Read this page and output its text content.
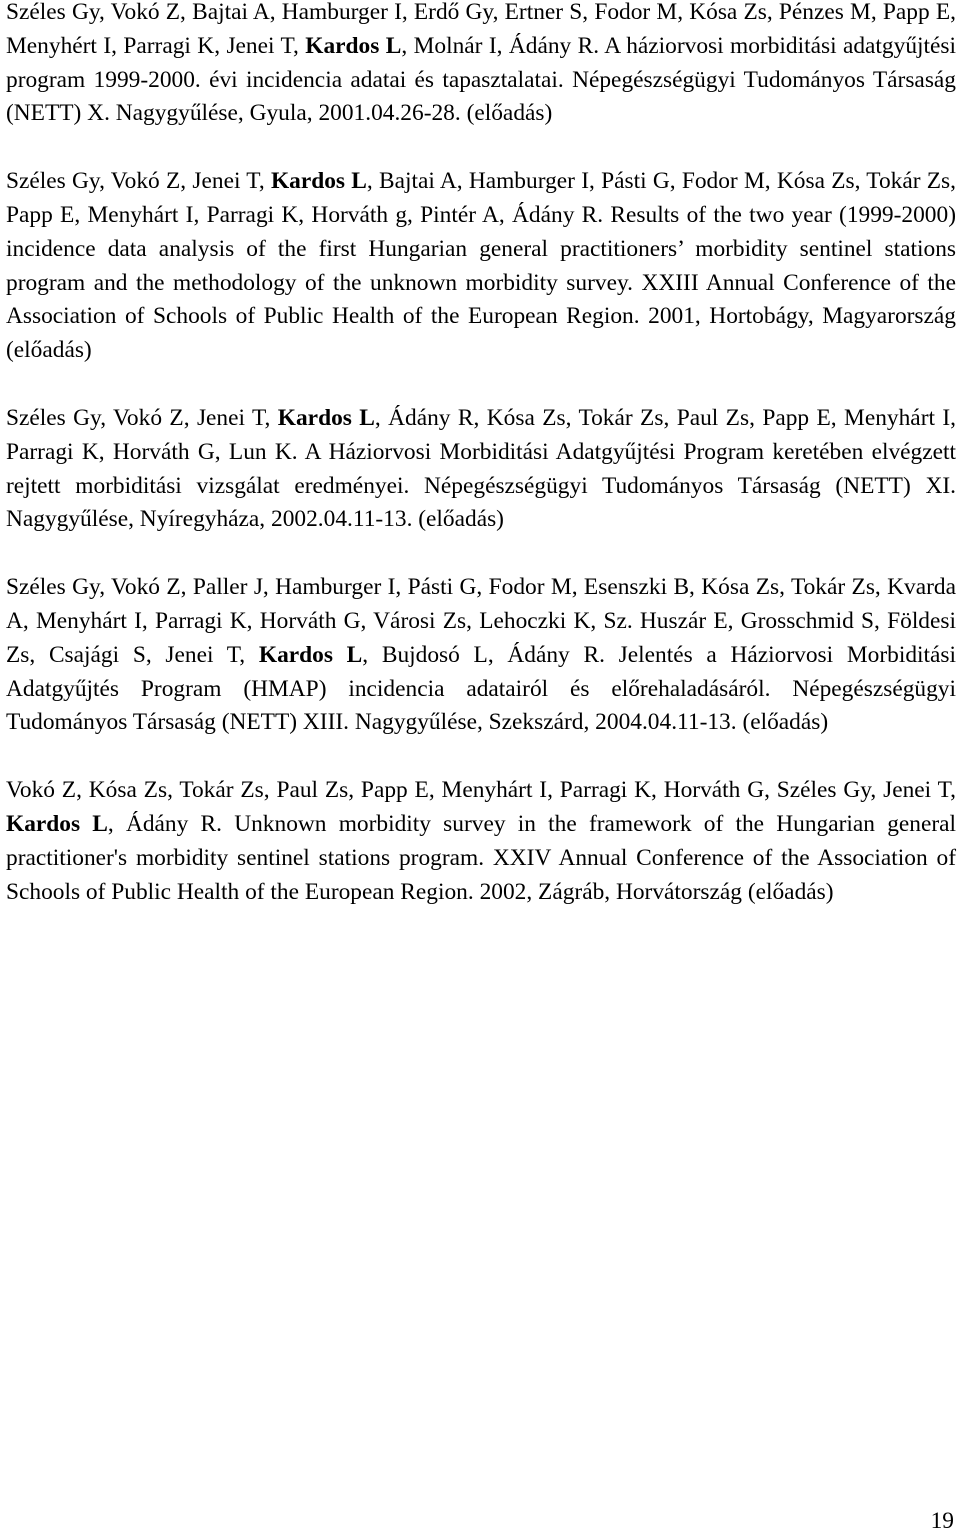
Széles Gy, Vokó Z, Bajtai A, Hamburger I, Erdő Gy, Ertner S, Fodor M, Kósa Zs, Pénzes M, Papp E, Menyhért I, Parragi K, Jenei T, Kardos L, Molnár I, Ádány R. A háziorvosi morbiditási adatgyűjtési program 1999-2000. évi incidencia adatai és tapasztalatai. Népegészségügyi Tudományos Társaság (NETT) X. Nagygyűlése, Gyula, 2001.04.26-28. (előadás)

Széles Gy, Vokó Z, Jenei T, Kardos L, Bajtai A, Hamburger I, Pásti G, Fodor M, Kósa Zs, Tokár Zs, Papp E, Menyhárt I, Parragi K, Horváth g, Pintér A, Ádány R. Results of the two year (1999-2000) incidence data analysis of the first Hungarian general practitioners’ morbidity sentinel stations program and the methodology of the unknown morbidity survey. XXIII Annual Conference of the Association of Schools of Public Health of the European Region. 2001, Hortobágy, Magyarország (előadás)

Széles Gy, Vokó Z, Jenei T, Kardos L, Ádány R, Kósa Zs, Tokár Zs, Paul Zs, Papp E, Menyhárt I, Parragi K, Horváth G, Lun K. A Háziorvosi Morbiditási Adatgyűjtési Program keretében elvégzett rejtett morbiditási vizsgálat eredményei. Népegészségügyi Tudományos Társaság (NETT) XI. Nagygyűlése, Nyíregyháza, 2002.04.11-13. (előadás)

Széles Gy, Vokó Z, Paller J, Hamburger I, Pásti G, Fodor M, Esenszki B, Kósa Zs, Tokár Zs, Kvarda A, Menyhárt I, Parragi K, Horváth G, Városi Zs, Lehoczki K, Sz. Huszár E, Grosschmid S, Földesi Zs, Csajági S, Jenei T, Kardos L, Bujdosó L, Ádány R. Jelentés a Háziorvosi Morbiditási Adatgyűjtés Program (HMAP) incidencia adatairól és előrehaladásáról. Népegészségügyi Tudományos Társaság (NETT) XIII. Nagygyűlése, Szekszárd, 2004.04.11-13. (előadás)

Vokó Z, Kósa Zs, Tokár Zs, Paul Zs, Papp E, Menyhárt I, Parragi K, Horváth G, Széles Gy, Jenei T, Kardos L, Ádány R. Unknown morbidity survey in the framework of the Hungarian general practitioner's morbidity sentinel stations program. XXIV Annual Conference of the Association of Schools of Public Health of the European Region. 2002, Zágráb, Horvátország (előadás)

19
